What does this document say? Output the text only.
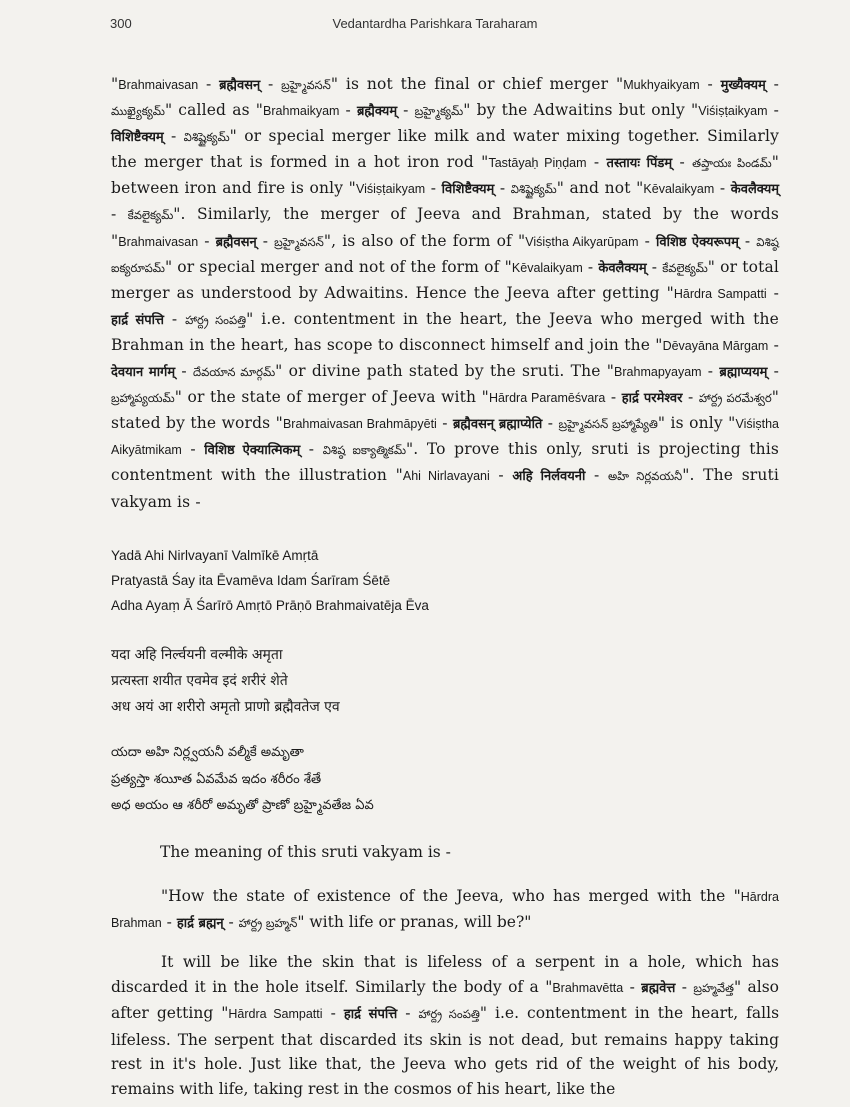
300	Vedantardha Parishkara Taraharam
"Brahmaivasan - ब्रह्मैवसन् - బ్రహ్మైవసన్" is not the final or chief merger "Mukhyaikyam - मुख्यैक्यम् - ముఖ్యైక్యమ్" called as "Brahmaikyam - ब्रह्मैक्यम् - బ్రహ్మైక్యమ్" by the Adwaitins but only "Viśiṣṭaikyam - विशिष्टैक्यम् - విశిష్టైక్యమ్" or special merger like milk and water mixing together. Similarly the merger that is formed in a hot iron rod "Tastāyaḥ Piṇḍam - तस्तायः पिंडम् - తప్తాయః పిండమ్" between iron and fire is only "Viśiṣṭaikyam - विशिष्टैक्यम् - విశిష్టైక్యమ్" and not "Kēvalaikyam - केवलैक्यम् - కేవలైక్యమ్". Similarly, the merger of Jeeva and Brahman, stated by the words "Brahmaivasan - ब्रह्मैवसन् - బ్రహ్మైవసన్", is also of the form of "Viśiṣtha Aikyarūpam - विशिष्ठ ऐक्यरूपम् - విశిష్ఠ ఐక్యరూపమ్" or special merger and not of the form of "Kēvalaikyam - केवलैक्यम् - కేవలైక్యమ్" or total merger as understood by Adwaitins. Hence the Jeeva after getting "Hārdra Sampatti - हार्द्र संपत्ति - హార్ద్ర సంపత్తి" i.e. contentment in the heart, the Jeeva who merged with the Brahman in the heart, has scope to disconnect himself and join the "Dēvayāna Mārgam - देवयान मार्गम् - దేవయాన మార్గమ్" or divine path stated by the sruti. The "Brahmapyayam - ब्रह्माप्ययम् - బ్రహ్మాప్యయమ్" or the state of merger of Jeeva with "Hārdra Paramēśvara - हार्द्र परमेश्वर - హార్ద్ర పరమేశ్వర" stated by the words "Brahmaivasan Brahmāpyēti - ब्रह्मैवसन् ब्रह्माप्येति - బ్రహ్మైవసన్ బ్రహ్మాప్యేతి" is only "Viśiṣtha Aikyātmikam - विशिष्ठ ऐक्यात्मिकम् - విశిష్ఠ ఐక్యాత్మికమ్". To prove this only, sruti is projecting this contentment with the illustration "Ahi Nirlavayani - अहि निर्लवयनी - అహి నిర్లవయనీ". The sruti vakyam is -
Yadā Ahi Nirlvayanī Valmīkē Amṛtā
Pratyastā Śay ita Ēvamēva Idam Śarīram Śētē
Adha Ayaṃ Ā Śarīrō Amṛtō Prāṇō Brahmaivatēja Ēva
यदा अहि निर्ल्वयनी वल्मीके अमृता
प्रत्यस्ता शयीत एवमेव इदं शरीरं शेते
अध अयं आ शरीरो अमृतो प्राणो ब्रह्मैवतेज एव
యదా అహి నిర్ల్వయనీ వల్మీకే అమృతా
ప్రత్యస్తా శయీత ఏవమేవ ఇదం శరీరం శేతే
అధ అయం ఆ శరీరో అమృతో ప్రాణో బ్రహ్మైవతేజ ఏవ
The meaning of this sruti vakyam is -
"How the state of existence of the Jeeva, who has merged with the "Hārdra Brahman - हार्द्र ब्रह्मन् - హార్ద్ర బ్రహ్మన్" with life or pranas, will be?"
It will be like the skin that is lifeless of a serpent in a hole, which has discarded it in the hole itself. Similarly the body of a "Brahmavētta - ब्रह्मवेत्त - బ్రహ్మవేత్త" also after getting "Hārdra Sampatti - हार्द्र संपत्ति - హార్ద్ర సంపత్తి" i.e. contentment in the heart, falls lifeless. The serpent that discarded its skin is not dead, but remains happy taking rest in it's hole. Just like that, the Jeeva who gets rid of the weight of his body, remains with life, taking rest in the cosmos of his heart, like the
